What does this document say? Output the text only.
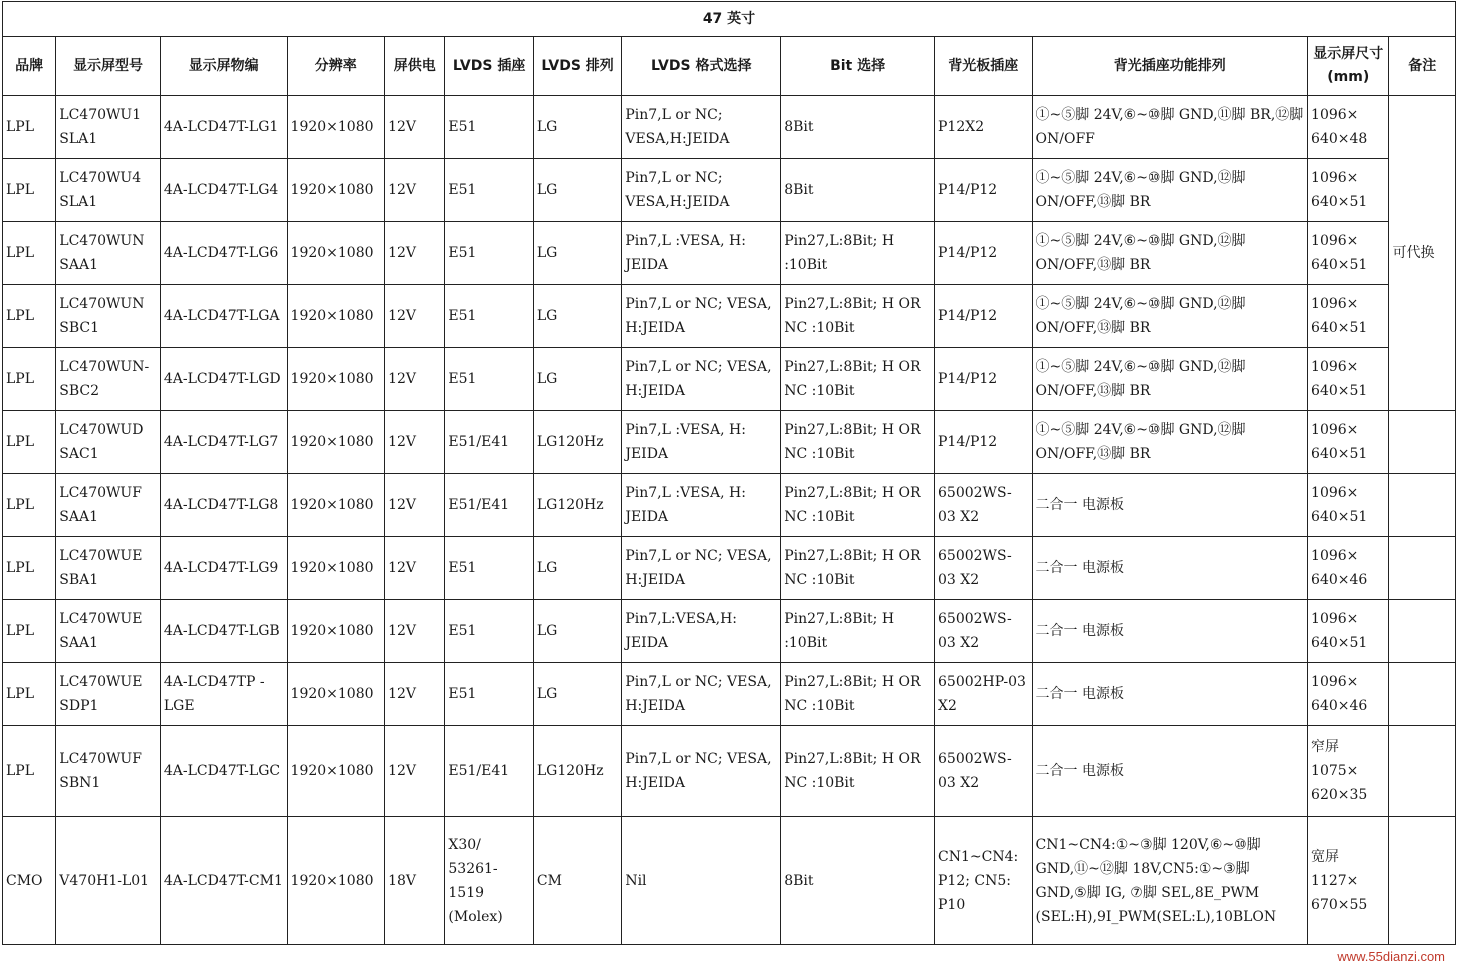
47 英寸												
品牌	显示屏型号	显示屏物编	分辨率	屏供电	LVDS 插座	LVDS 排列	LVDS 格式选择	Bit 选择	背光板插座	背光插座功能排列	显示屏尺寸(mm)	备注
LPL	LC470WU1 SLA1	4A-LCD47T-LG1	1920×1080	12V	E51	LG	Pin7,L or NC; VESA,H:JEIDA	8Bit	P12X2	①~⑤脚 24V,⑥~⑩脚 GND,⑪脚 BR,⑫脚 ON/OFF	1096× 640×48	可代换
LPL	LC470WU4 SLA1	4A-LCD47T-LG4	1920×1080	12V	E51	LG	Pin7,L or NC; VESA,H:JEIDA	8Bit	P14/P12	①~⑤脚 24V,⑥~⑩脚 GND,⑫脚 ON/OFF,⑬脚 BR	1096× 640×51	
LPL	LC470WUN SAA1	4A-LCD47T-LG6	1920×1080	12V	E51	LG	Pin7,L :VESA, H: JEIDA	Pin27,L:8Bit; H :10Bit	P14/P12	①~⑤脚 24V,⑥~⑩脚 GND,⑫脚 ON/OFF,⑬脚 BR	1096× 640×51	
LPL	LC470WUN SBC1	4A-LCD47T-LGA	1920×1080	12V	E51	LG	Pin7,L or NC; VESA, H:JEIDA	Pin27,L:8Bit; H OR NC :10Bit	P14/P12	①~⑤脚 24V,⑥~⑩脚 GND,⑫脚 ON/OFF,⑬脚 BR	1096× 640×51	
LPL	LC470WUN- SBC2	4A-LCD47T-LGD	1920×1080	12V	E51	LG	Pin7,L or NC; VESA, H:JEIDA	Pin27,L:8Bit; H OR NC :10Bit	P14/P12	①~⑤脚 24V,⑥~⑩脚 GND,⑫脚 ON/OFF,⑬脚 BR	1096× 640×51	
LPL	LC470WUD SAC1	4A-LCD47T-LG7	1920×1080	12V	E51/E41	LG120Hz	Pin7,L :VESA, H: JEIDA	Pin27,L:8Bit; H OR NC :10Bit	P14/P12	①~⑤脚 24V,⑥~⑩脚 GND,⑫脚 ON/OFF,⑬脚 BR	1096× 640×51	
LPL	LC470WUF SAA1	4A-LCD47T-LG8	1920×1080	12V	E51/E41	LG120Hz	Pin7,L :VESA, H: JEIDA	Pin27,L:8Bit; H OR NC :10Bit	65002WS-03 X2	二合一 电源板	1096× 640×51	
LPL	LC470WUE SBA1	4A-LCD47T-LG9	1920×1080	12V	E51	LG	Pin7,L or NC; VESA, H:JEIDA	Pin27,L:8Bit; H OR NC :10Bit	65002WS-03 X2	二合一 电源板	1096× 640×46	
LPL	LC470WUE SAA1	4A-LCD47T-LGB	1920×1080	12V	E51	LG	Pin7,L:VESA,H: JEIDA	Pin27,L:8Bit; H :10Bit	65002WS-03 X2	二合一 电源板	1096× 640×51	
LPL	LC470WUE SDP1	4A-LCD47TP -LGE	1920×1080	12V	E51	LG	Pin7,L or NC; VESA, H:JEIDA	Pin27,L:8Bit; H OR NC :10Bit	65002HP-03 X2	二合一 电源板	1096× 640×46	
LPL	LC470WUF SBN1	4A-LCD47T-LGC	1920×1080	12V	E51/E41	LG120Hz	Pin7,L or NC; VESA, H:JEIDA	Pin27,L:8Bit; H OR NC :10Bit	65002WS-03 X2	二合一 电源板	窄屏 1075× 620×35	
CMO	V470H1-L01	4A-LCD47T-CM1	1920×1080	18V	X30/ 53261- 1519 (Molex)	CM	Nil	8Bit	CN1~CN4: P12; CN5: P10	CN1~CN4:①~③脚 120V,⑥~⑩脚 GND,⑪~⑫脚 18V,CN5:①~③脚 GND,⑤脚 IG, ⑦脚 SEL,8E_PWM (SEL:H),9I_PWM(SEL:L),10BLON	宽屏 1127× 670×55	
www.55dianzi.com
